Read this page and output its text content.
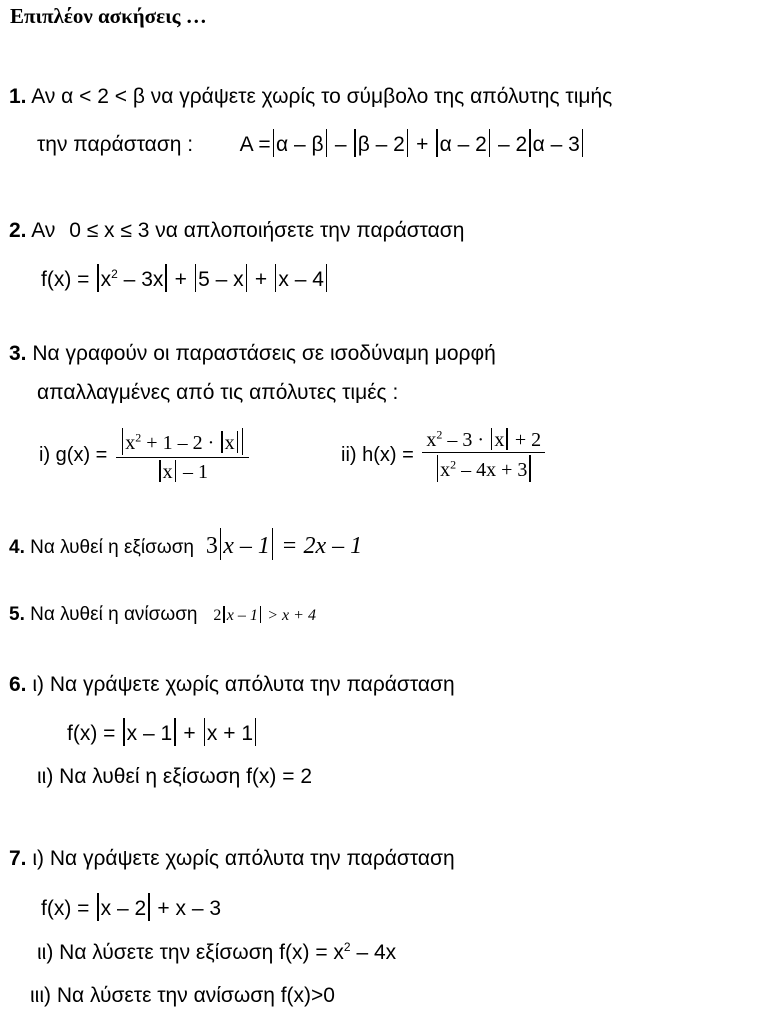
Επιπλέον ασκήσεις …
1. Αν α < 2 < β να γράψετε χωρίς το σύμβολο της απόλυτης τιμής
την παράσταση : Α = α – β – β – 2 + α – 2 – 2 α – 3
2. Αν 0 ≤ x ≤ 3 να απλοποιήσετε την παράσταση
$f(x) = x^2 - 3x + 5 - x + x - 4$
3. Να γραφούν οι παραστάσεις σε ισοδύναμη μορφή
απαλλαγμένες από τις απόλυτες τιμές :
i) $g(x) = \frac{x^2 + 1 - 2 \cdot x}{x - 1}$	ii) $h(x) = \frac{x^2 - 3 \cdot x + 2}{x^2 - 4x + 3}$
4. Να λυθεί η εξίσωση 3 x – 1 = 2x – 1
5. Να λυθεί η ανίσωση 2 x – 1 > x + 4
6. ι) Να γράψετε χωρίς απόλυτα την παράσταση
f(x) = x – 1 + x + 1
ιι) Να λυθεί η εξίσωση f(x) = 2
7. ι) Να γράψετε χωρίς απόλυτα την παράσταση
f(x) = x – 2 + x – 3
ιι) Να λύσετε την εξίσωση $f(x) = x^2 - 4x$
ιιι) Να λύσετε την ανίσωση f(x)>0
